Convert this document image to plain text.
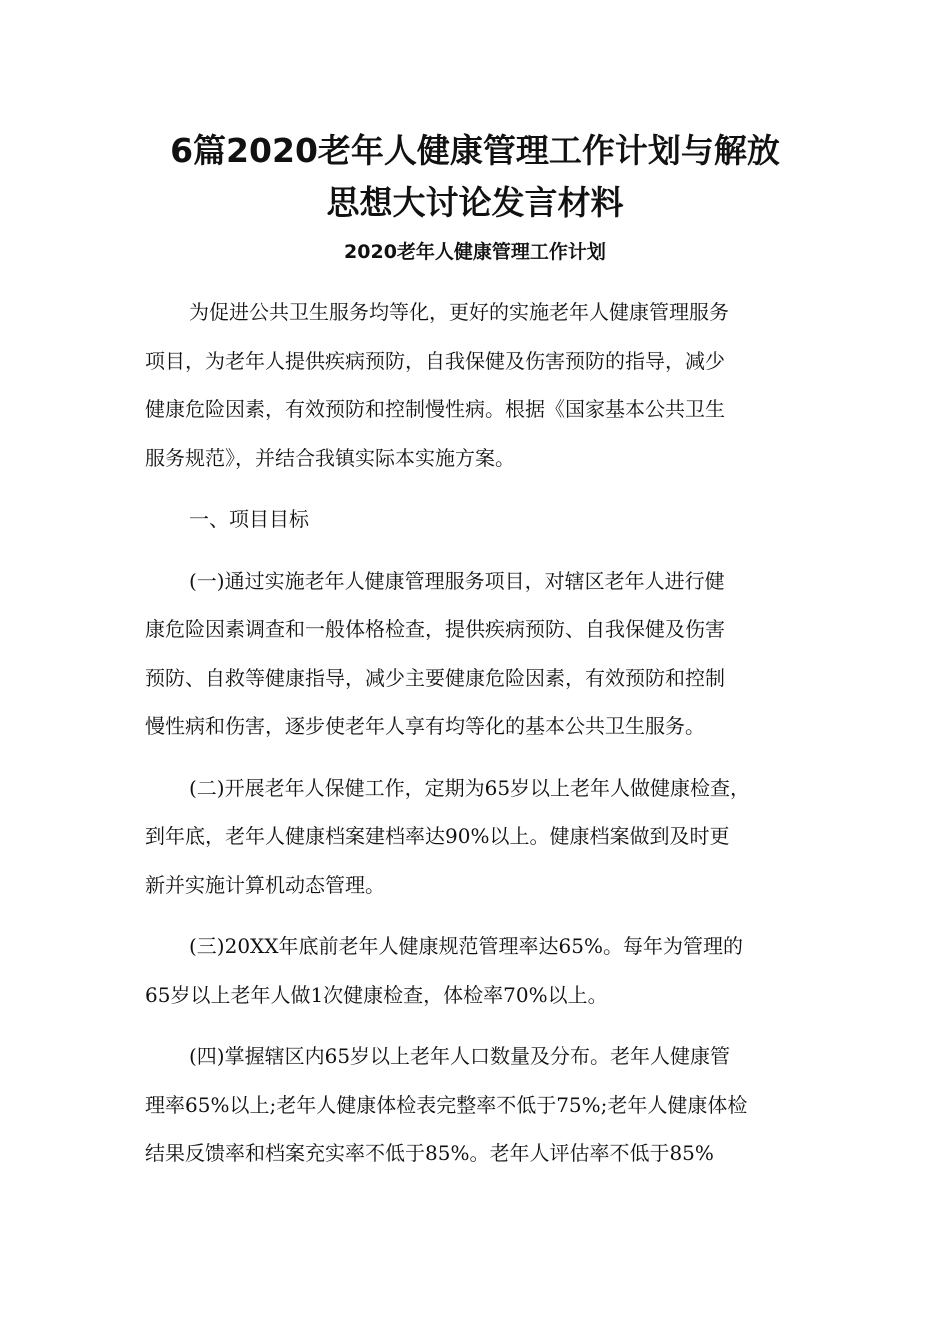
6篇2020老年人健康管理工作计划与解放
思想大讨论发言材料
2020老年人健康管理工作计划

为促进公共卫生服务均等化，更好的实施老年人健康管理服务
项目，为老年人提供疾病预防，自我保健及伤害预防的指导，减少
健康危险因素，有效预防和控制慢性病。根据《国家基本公共卫生
服务规范》，并结合我镇实际本实施方案。

一、项目目标

(一)通过实施老年人健康管理服务项目，对辖区老年人进行健
康危险因素调查和一般体格检查，提供疾病预防、自我保健及伤害
预防、自救等健康指导，减少主要健康危险因素，有效预防和控制
慢性病和伤害，逐步使老年人享有均等化的基本公共卫生服务。

(二)开展老年人保健工作，定期为65岁以上老年人做健康检查，
到年底，老年人健康档案建档率达90%以上。健康档案做到及时更
新并实施计算机动态管理。

(三)20XX年底前老年人健康规范管理率达65%。每年为管理的
65岁以上老年人做1次健康检查，体检率70%以上。

(四)掌握辖区内65岁以上老年人口数量及分布。老年人健康管
理率65%以上;老年人健康体检表完整率不低于75%;老年人健康体检
结果反馈率和档案充实率不低于85%。老年人评估率不低于85%
